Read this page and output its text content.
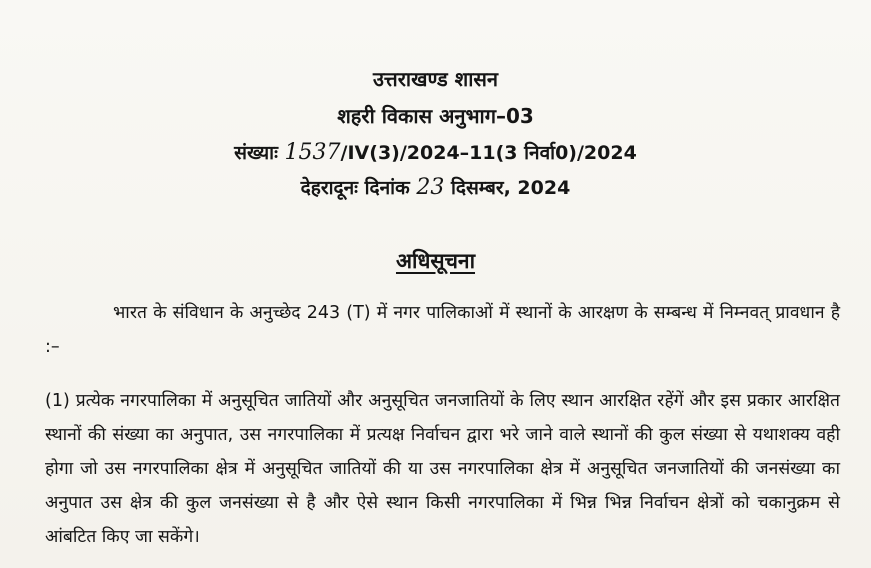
उत्तराखण्ड शासन
शहरी विकास अनुभाग–03
संख्याः 1537/IV(3)/2024–11(3 निर्वा0)/2024
देहरादूनः दिनांक 23 दिसम्बर, 2024
अधिसूचना
भारत के संविधान के अनुच्छेद 243 (T) में नगर पालिकाओं में स्थानों के आरक्षण के सम्बन्ध में निम्नवत् प्रावधान है :–
(1) प्रत्येक नगरपालिका में अनुसूचित जातियों और अनुसूचित जनजातियों के लिए स्थान आरक्षित रहेंगें और इस प्रकार आरक्षित स्थानों की संख्या का अनुपात, उस नगरपालिका में प्रत्यक्ष निर्वाचन द्वारा भरे जाने वाले स्थानों की कुल संख्या से यथाशक्य वही होगा जो उस नगरपालिका क्षेत्र में अनुसूचित जातियों की या उस नगरपालिका क्षेत्र में अनुसूचित जनजातियों की जनसंख्या का अनुपात उस क्षेत्र की कुल जनसंख्या से है और ऐसे स्थान किसी नगरपालिका में भिन्न भिन्न निर्वाचन क्षेत्रों को चकानुक्रम से आंबटित किए जा सकेंगे।
